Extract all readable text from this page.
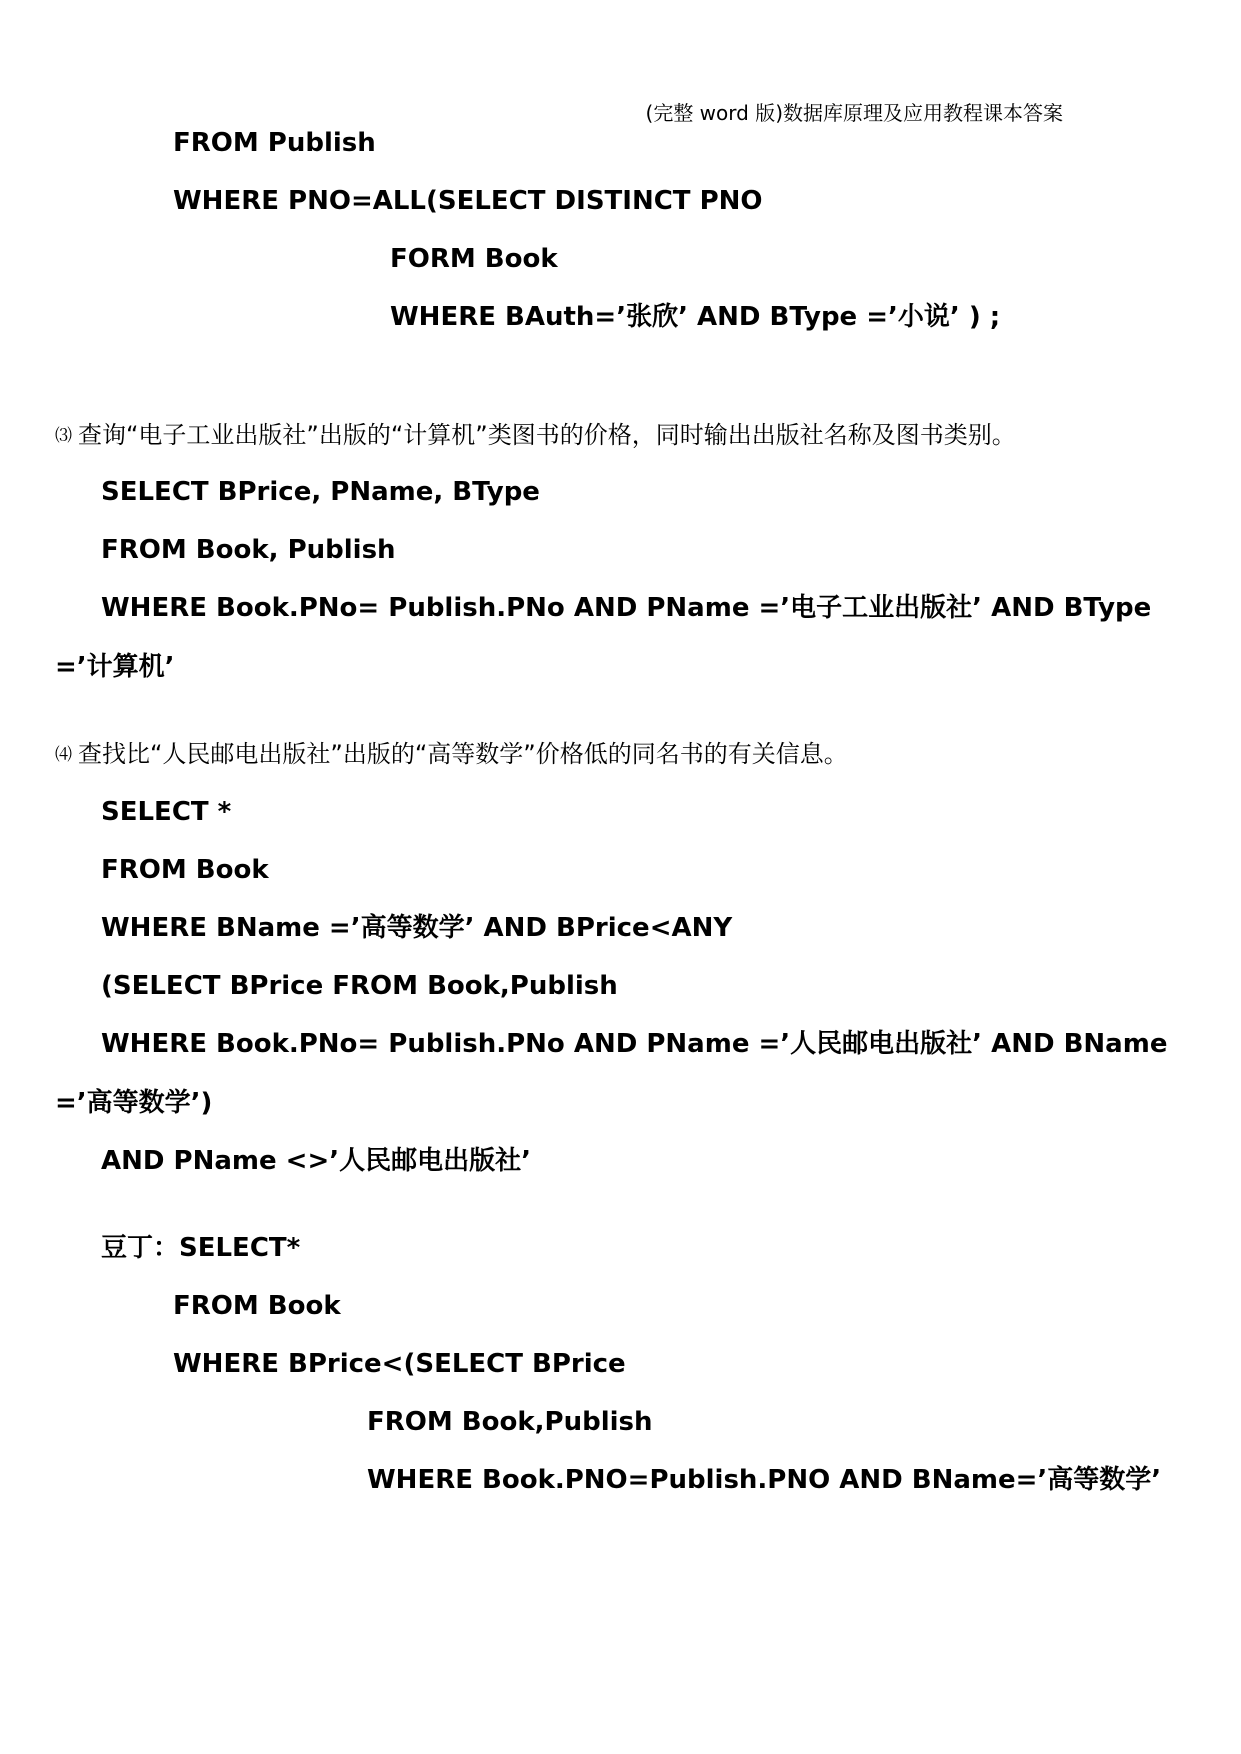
(完整 word 版)数据库原理及应用教程课本答案
FROM Publish
WHERE PNO=ALL(SELECT DISTINCT PNO
FORM Book
WHERE BAuth=’张欣’ AND BType =’小说’ ) ;
⑶ 查询“电子工业出版社”出版的“计算机”类图书的价格，同时输出出版社名称及图书类别。
SELECT BPrice, PName, BType
FROM Book, Publish
WHERE Book.PNo= Publish.PNo AND PName =’电子工业出版社’ AND BType
=’计算机’
⑷ 查找比“人民邮电出版社”出版的“高等数学”价格低的同名书的有关信息。
SELECT *
FROM Book
WHERE BName =’高等数学’ AND BPrice<ANY
(SELECT BPrice FROM Book,Publish
WHERE Book.PNo= Publish.PNo AND PName =’人民邮电出版社’ AND BName
=’高等数学’)
AND PName <>’人民邮电出版社’
豆丁：SELECT*
FROM Book
WHERE BPrice<(SELECT BPrice
FROM Book,Publish
WHERE Book.PNO=Publish.PNO AND BName=’高等数学’
